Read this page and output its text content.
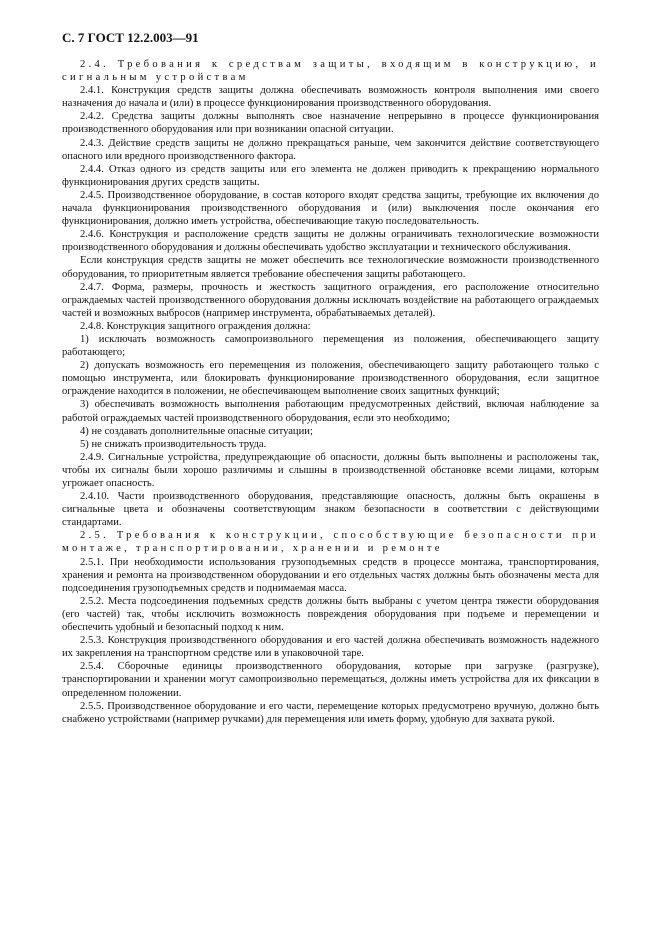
С. 7 ГОСТ 12.2.003—91

2.4. Требования к средствам защиты, входящим в конструкцию, и сигнальным устройствам

2.4.1. Конструкция средств защиты должна обеспечивать возможность контроля выполнения ими своего назначения до начала и (или) в процессе функционирования производственного оборудования.

2.4.2. Средства защиты должны выполнять свое назначение непрерывно в процессе функционирования производственного оборудования или при возникании опасной ситуации.

2.4.3. Действие средств защиты не должно прекращаться раньше, чем закончится действие соответствующего опасного или вредного производственного фактора.

2.4.4. Отказ одного из средств защиты или его элемента не должен приводить к прекращению нормального функционирования других средств защиты.

2.4.5. Производственное оборудование, в состав которого входят средства защиты, требующие их включения до начала функционирования производственного оборудования и (или) выключения после окончания его функционирования, должно иметь устройства, обеспечивающие такую последовательность.

2.4.6. Конструкция и расположение средств защиты не должны ограничивать технологические возможности производственного оборудования и должны обеспечивать удобство эксплуатации и технического обслуживания.

Если конструкция средств защиты не может обеспечить все технологические возможности производственного оборудования, то приоритетным является требование обеспечения защиты работающего.

2.4.7. Форма, размеры, прочность и жесткость защитного ограждения, его расположение относительно ограждаемых частей производственного оборудования должны исключать воздействие на работающего ограждаемых частей и возможных выбросов (например инструмента, обрабатываемых деталей).

2.4.8. Конструкция защитного ограждения должна:

1) исключать возможность самопроизвольного перемещения из положения, обеспечивающего защиту работающего;

2) допускать возможность его перемещения из положения, обеспечивающего защиту работающего только с помощью инструмента, или блокировать функционирование производственного оборудования, если защитное ограждение находится в положении, не обеспечивающем выполнение своих защитных функций;

3) обеспечивать возможность выполнения работающим предусмотренных действий, включая наблюдение за работой ограждаемых частей производственного оборудования, если это необходимо;

4) не создавать дополнительные опасные ситуации;

5) не снижать производительность труда.

2.4.9. Сигнальные устройства, предупреждающие об опасности, должны быть выполнены и расположены так, чтобы их сигналы были хорошо различимы и слышны в производственной обстановке всеми лицами, которым угрожает опасность.

2.4.10. Части производственного оборудования, представляющие опасность, должны быть окрашены в сигнальные цвета и обозначены соответствующим знаком безопасности в соответствии с действующими стандартами.

2.5. Требования к конструкции, способствующие безопасности при монтаже, транспортировании, хранении и ремонте

2.5.1. При необходимости использования грузоподъемных средств в процессе монтажа, транспортирования, хранения и ремонта на производственном оборудовании и его отдельных частях должны быть обозначены места для подсоединения грузоподъемных средств и поднимаемая масса.

2.5.2. Места подсоединения подъемных средств должны быть выбраны с учетом центра тяжести оборудования (его частей) так, чтобы исключить возможность повреждения оборудования при подъеме и перемещении и обеспечить удобный и безопасный подход к ним.

2.5.3. Конструкция производственного оборудования и его частей должна обеспечивать возможность надежного их закрепления на транспортном средстве или в упаковочной таре.

2.5.4. Сборочные единицы производственного оборудования, которые при загрузке (разгрузке), транспортировании и хранении могут самопроизвольно перемещаться, должны иметь устройства для их фиксации в определенном положении.

2.5.5. Производственное оборудование и его части, перемещение которых предусмотрено вручную, должно быть снабжено устройствами (например ручками) для перемещения или иметь форму, удобную для захвата рукой.
